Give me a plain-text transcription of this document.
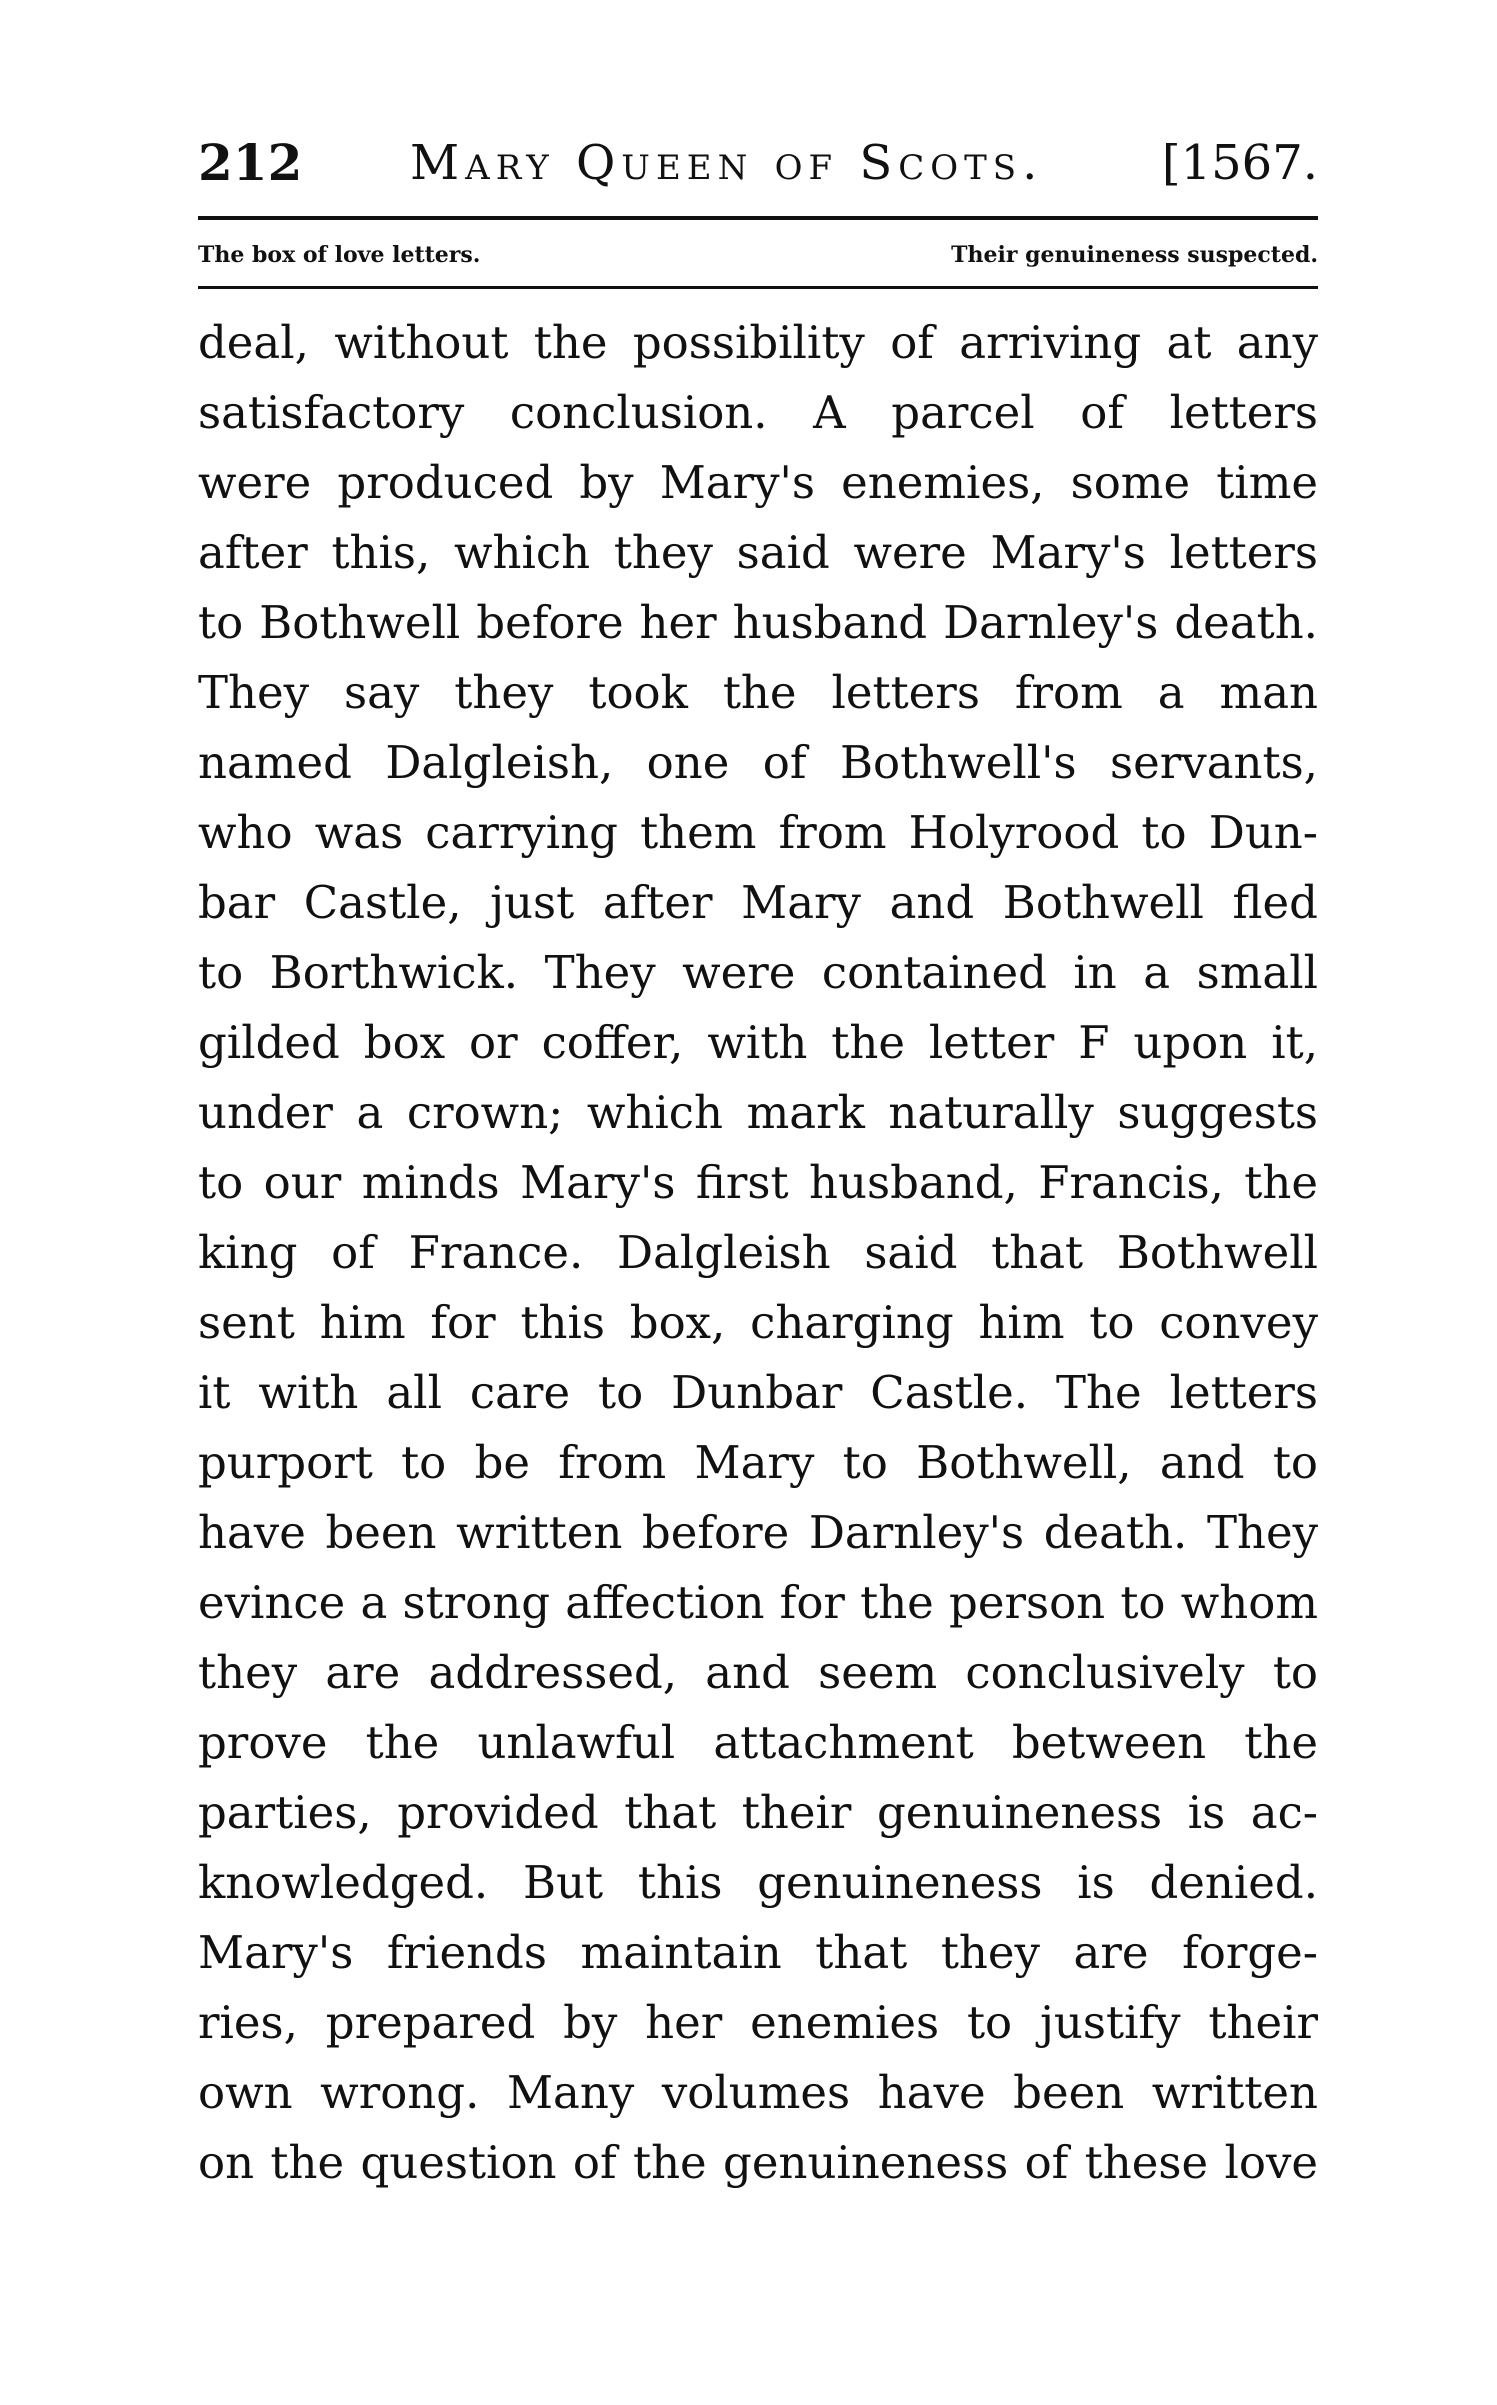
212 Mary Queen of Scots. [1567.
The box of love letters.	Their genuineness suspected.
deal, without the possibility of arriving at any
satisfactory conclusion. A parcel of letters
were produced by Mary's enemies, some time
after this, which they said were Mary's letters
to Bothwell before her husband Darnley's death.
They say they took the letters from a man
named Dalgleish, one of Bothwell's servants,
who was carrying them from Holyrood to Dun-
bar Castle, just after Mary and Bothwell fled
to Borthwick. They were contained in a small
gilded box or coffer, with the letter F upon it,
under a crown; which mark naturally suggests
to our minds Mary's first husband, Francis, the
king of France. Dalgleish said that Bothwell
sent him for this box, charging him to convey
it with all care to Dunbar Castle. The letters
purport to be from Mary to Bothwell, and to
have been written before Darnley's death. They
evince a strong affection for the person to whom
they are addressed, and seem conclusively to
prove the unlawful attachment between the
parties, provided that their genuineness is ac-
knowledged. But this genuineness is denied.
Mary's friends maintain that they are forge-
ries, prepared by her enemies to justify their
own wrong. Many volumes have been written
on the question of the genuineness of these love
